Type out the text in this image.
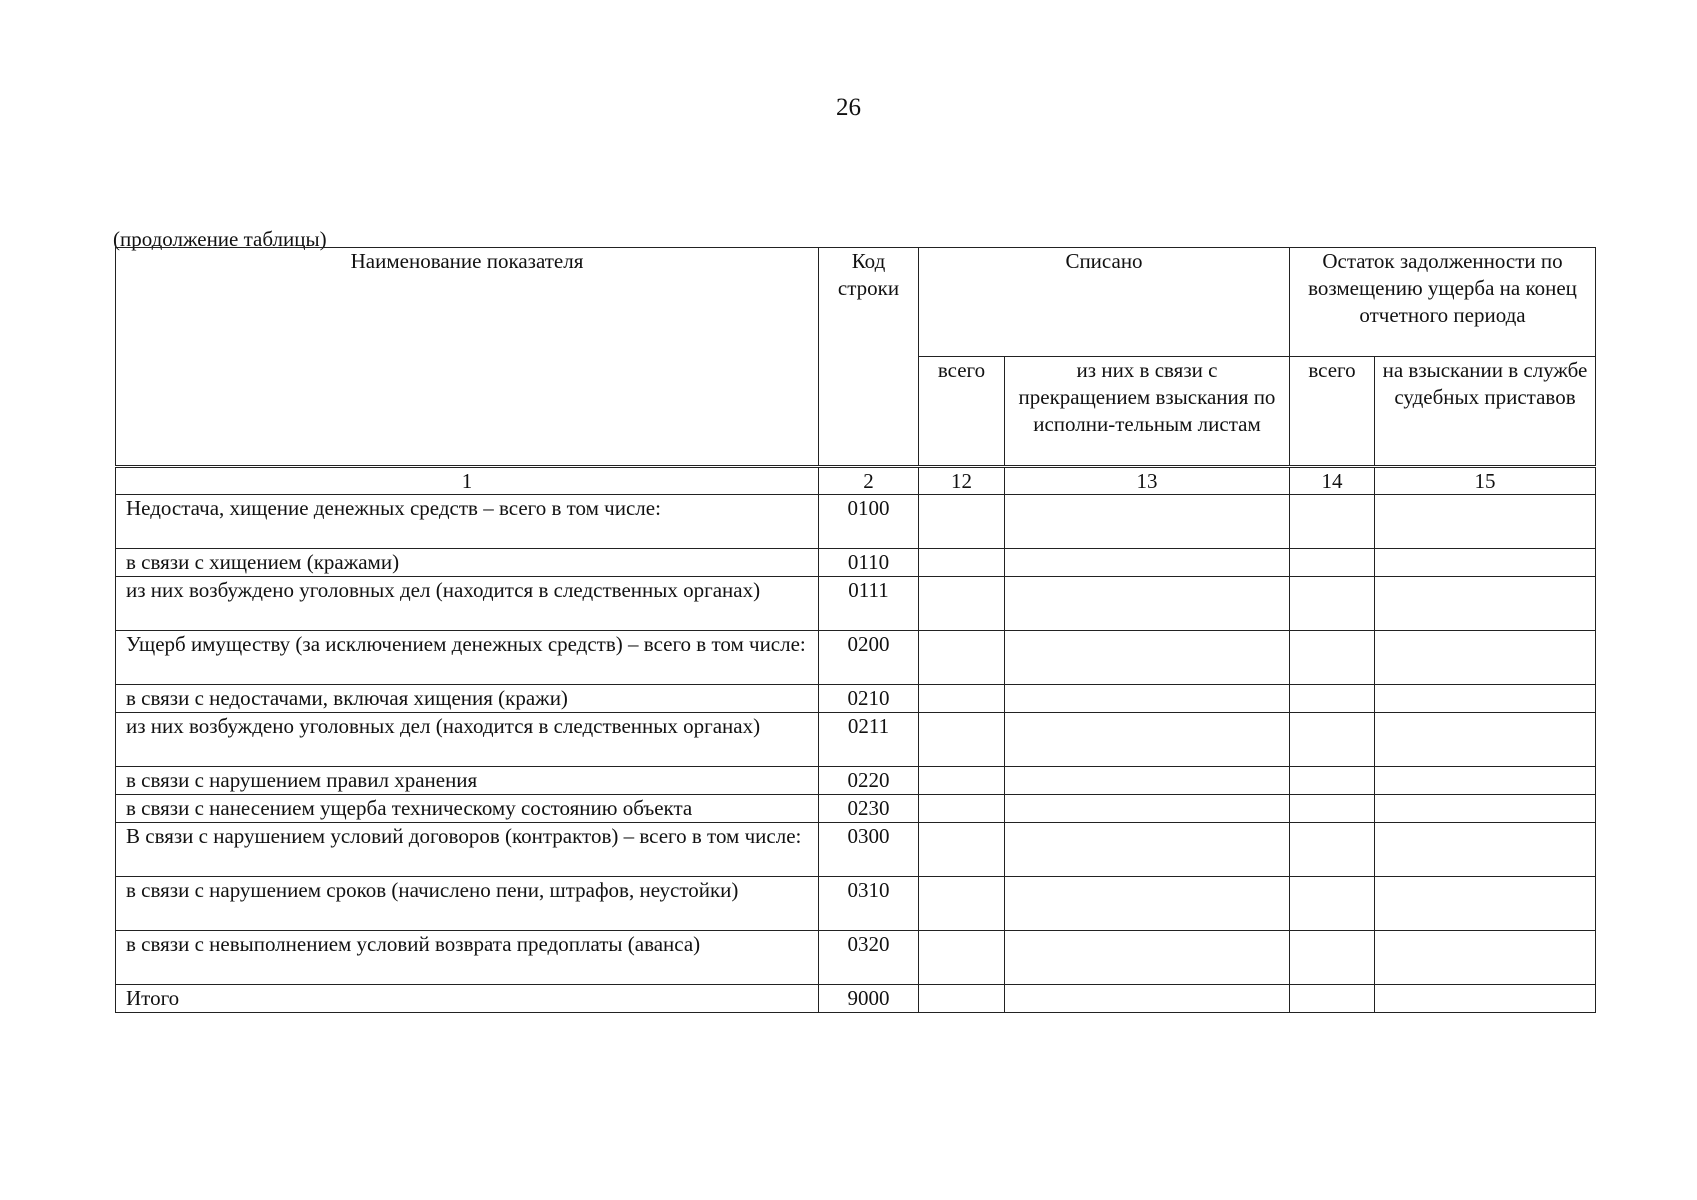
26
(продолжение таблицы)
Наименование показателя	Код строки	Списано		Остаток задолженности по возмещению ущерба на конец отчетного периода	
		всего	из них в связи с прекращением взыскания по исполни-тельным листам	всего	на взыскании в службе судебных приставов
1	2	12	13	14	15
Недостача, хищение денежных средств – всего в том числе:	0100				
в связи с хищением (кражами)	0110				
из них возбуждено уголовных дел (находится в следственных органах)	0111				
Ущерб имуществу (за исключением денежных средств) – всего в том числе:	0200				
в связи с недостачами, включая хищения (кражи)	0210				
из них возбуждено уголовных дел (находится в следственных органах)	0211				
в связи с нарушением правил хранения	0220				
в связи с нанесением ущерба техническому состоянию объекта	0230				
В связи с нарушением условий договоров (контрактов) – всего в том числе:	0300				
в связи с нарушением сроков (начислено пени, штрафов, неустойки)	0310				
в связи с невыполнением условий возврата предоплаты (аванса)	0320				
Итого	9000				
